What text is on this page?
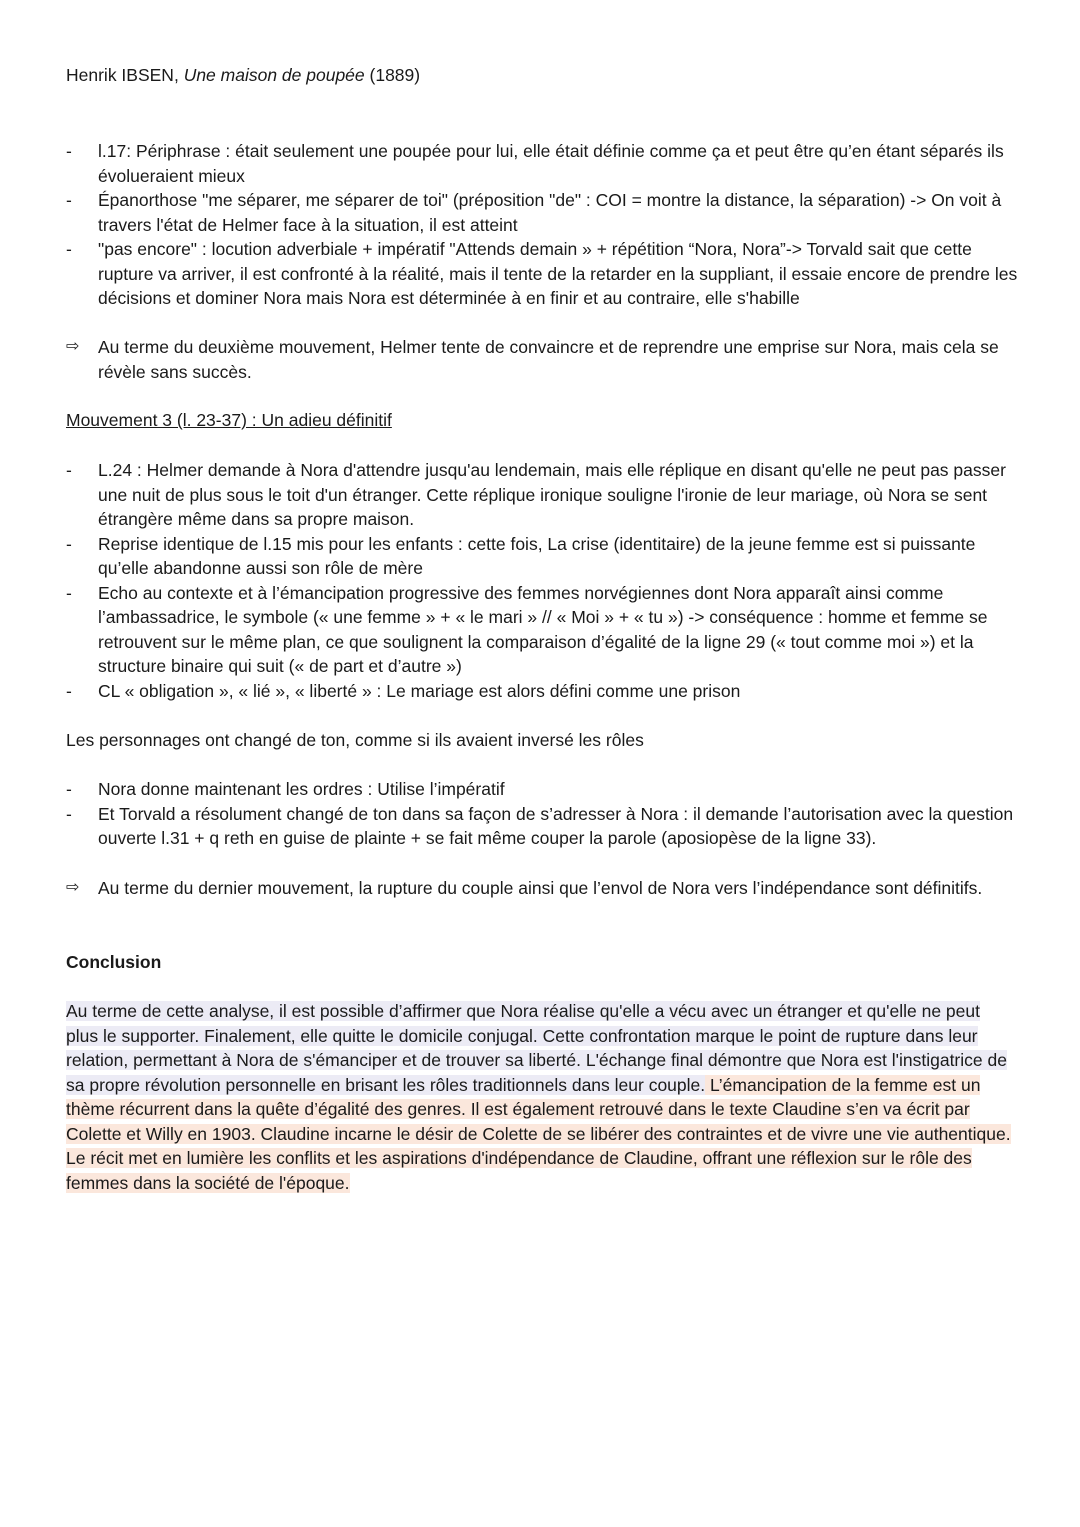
Henrik IBSEN, Une maison de poupée (1889)
-	l.17: Périphrase : était seulement une poupée pour lui, elle était définie comme ça et peut être qu’en étant séparés ils évolueraient mieux
-	Épanorthose "me séparer, me séparer de toi" (préposition "de" : COI = montre la distance, la séparation) -> On voit à travers l'état de Helmer face à la situation, il est atteint
-	"pas encore" : locution adverbiale + impératif "Attends demain » + répétition “Nora, Nora”-> Torvald sait que cette rupture va arriver, il est confronté à la réalité, mais il tente de la retarder en la suppliant, il essaie encore de prendre les décisions et dominer Nora mais Nora est déterminée à en finir et au contraire, elle s'habille
⇨ Au terme du deuxième mouvement, Helmer tente de convaincre et de reprendre une emprise sur Nora, mais cela se révèle sans succès.
Mouvement 3 (l. 23-37) : Un adieu définitif
-	L.24 : Helmer demande à Nora d'attendre jusqu'au lendemain, mais elle réplique en disant qu'elle ne peut pas passer une nuit de plus sous le toit d'un étranger. Cette réplique ironique souligne l'ironie de leur mariage, où Nora se sent étrangère même dans sa propre maison.
-	Reprise identique de l.15 mis pour les enfants : cette fois, La crise (identitaire) de la jeune femme est si puissante qu’elle abandonne aussi son rôle de mère
-	Echo au contexte et à l’émancipation progressive des femmes norvégiennes dont Nora apparaît ainsi comme l’ambassadrice, le symbole (« une femme » + « le mari » // « Moi » + « tu ») -> conséquence : homme et femme se retrouvent sur le même plan, ce que soulignent la comparaison d’égalité de la ligne 29 (« tout comme moi ») et la structure binaire qui suit (« de part et d’autre »)
-	CL « obligation », « lié », « liberté » : Le mariage est alors défini comme une prison
Les personnages ont changé de ton, comme si ils avaient inversé les rôles
-	Nora donne maintenant les ordres : Utilise l’impératif
-	Et Torvald a résolument changé de ton dans sa façon de s’adresser à Nora : il demande l’autorisation avec la question ouverte l.31 + q reth en guise de plainte + se fait même couper la parole (aposiopèse de la ligne 33).
⇨ Au terme du dernier mouvement, la rupture du couple ainsi que l’envol de Nora vers l’indépendance sont définitifs.
Conclusion
Au terme de cette analyse, il est possible d’affirmer que Nora réalise qu'elle a vécu avec un étranger et qu'elle ne peut plus le supporter. Finalement, elle quitte le domicile conjugal. Cette confrontation marque le point de rupture dans leur relation, permettant à Nora de s'émanciper et de trouver sa liberté. L'échange final démontre que Nora est l'instigatrice de sa propre révolution personnelle en brisant les rôles traditionnels dans leur couple. L’émancipation de la femme est un thème récurrent dans la quête d’égalité des genres. Il est également retrouvé dans le texte Claudine s’en va écrit par Colette et Willy en 1903. Claudine incarne le désir de Colette de se libérer des contraintes et de vivre une vie authentique. Le récit met en lumière les conflits et les aspirations d'indépendance de Claudine, offrant une réflexion sur le rôle des femmes dans la société de l'époque.
